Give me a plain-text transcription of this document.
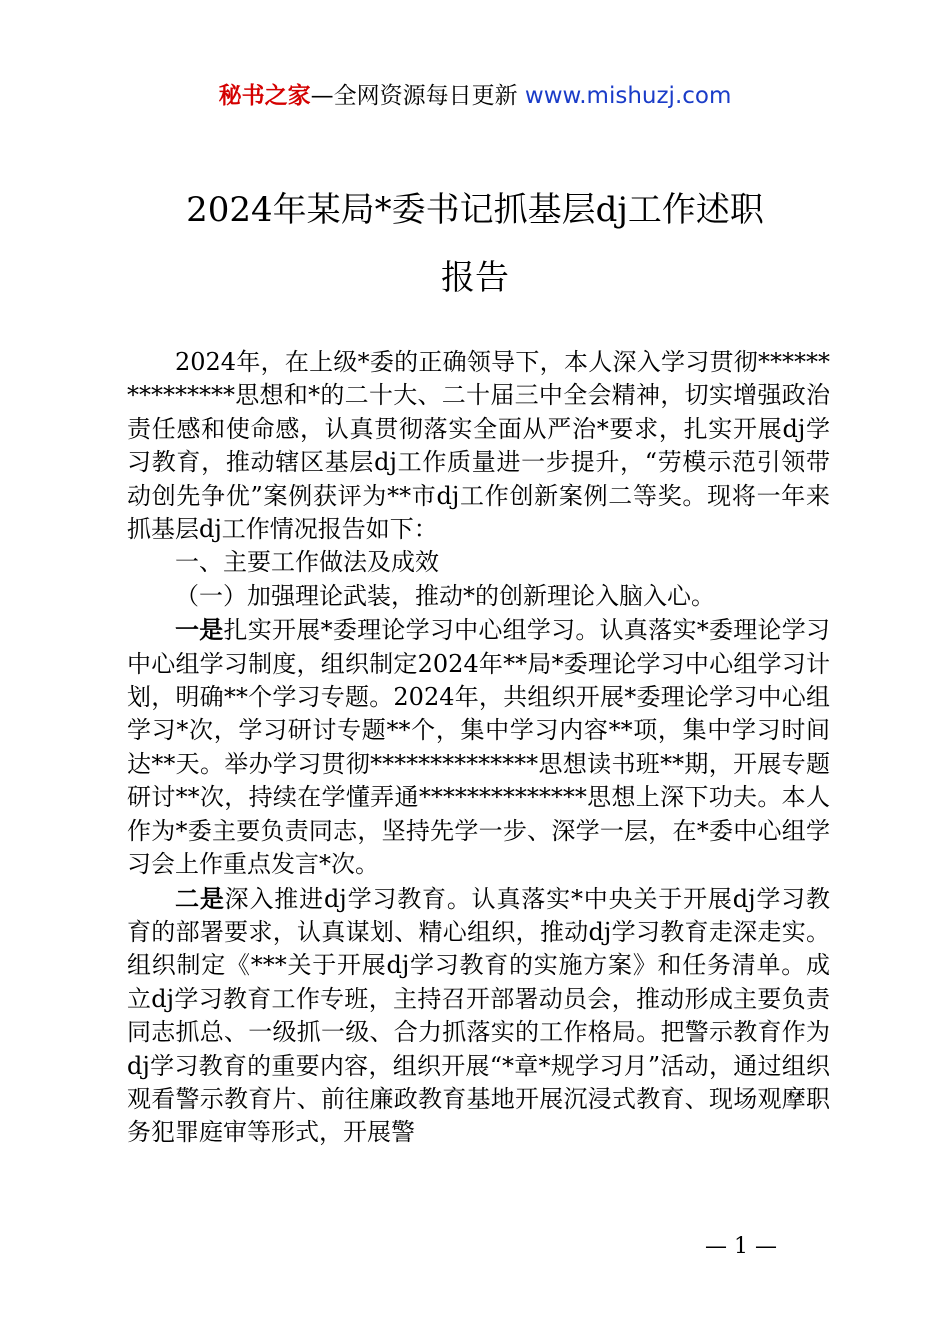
秘书之家—全网资源每日更新 www.mishuzj.com
2024年某局*委书记抓基层dj工作述职
报告

2024年，在上级*委的正确领导下，本人深入学习贯彻***************思想和*的二十大、二十届三中全会精神，切实增强政治责任感和使命感，认真贯彻落实全面从严治*要求，扎实开展dj学习教育，推动辖区基层dj工作质量进一步提升，“劳模示范引领带动创先争优”案例获评为**市dj工作创新案例二等奖。现将一年来抓基层dj工作情况报告如下：

一、主要工作做法及成效

（一）加强理论武装，推动*的创新理论入脑入心。

一是扎实开展*委理论学习中心组学习。认真落实*委理论学习中心组学习制度，组织制定2024年**局*委理论学习中心组学习计划，明确**个学习专题。2024年，共组织开展*委理论学习中心组学习*次，学习研讨专题**个，集中学习内容**项，集中学习时间达**天。举办学习贯彻**************思想读书班**期，开展专题研讨**次，持续在学懂弄通**************思想上深下功夫。本人作为*委主要负责同志，坚持先学一步、深学一层，在*委中心组学习会上作重点发言*次。

二是深入推进dj学习教育。认真落实*中央关于开展dj学习教育的部署要求，认真谋划、精心组织，推动dj学习教育走深走实。组织制定《***关于开展dj学习教育的实施方案》和任务清单。成立dj学习教育工作专班，主持召开部署动员会，推动形成主要负责同志抓总、一级抓一级、合力抓落实的工作格局。把警示教育作为dj学习教育的重要内容，组织开展“*章*规学习月”活动，通过组织观看警示教育片、前往廉政教育基地开展沉浸式教育、现场观摩职务犯罪庭审等形式，开展警

— 1 —
